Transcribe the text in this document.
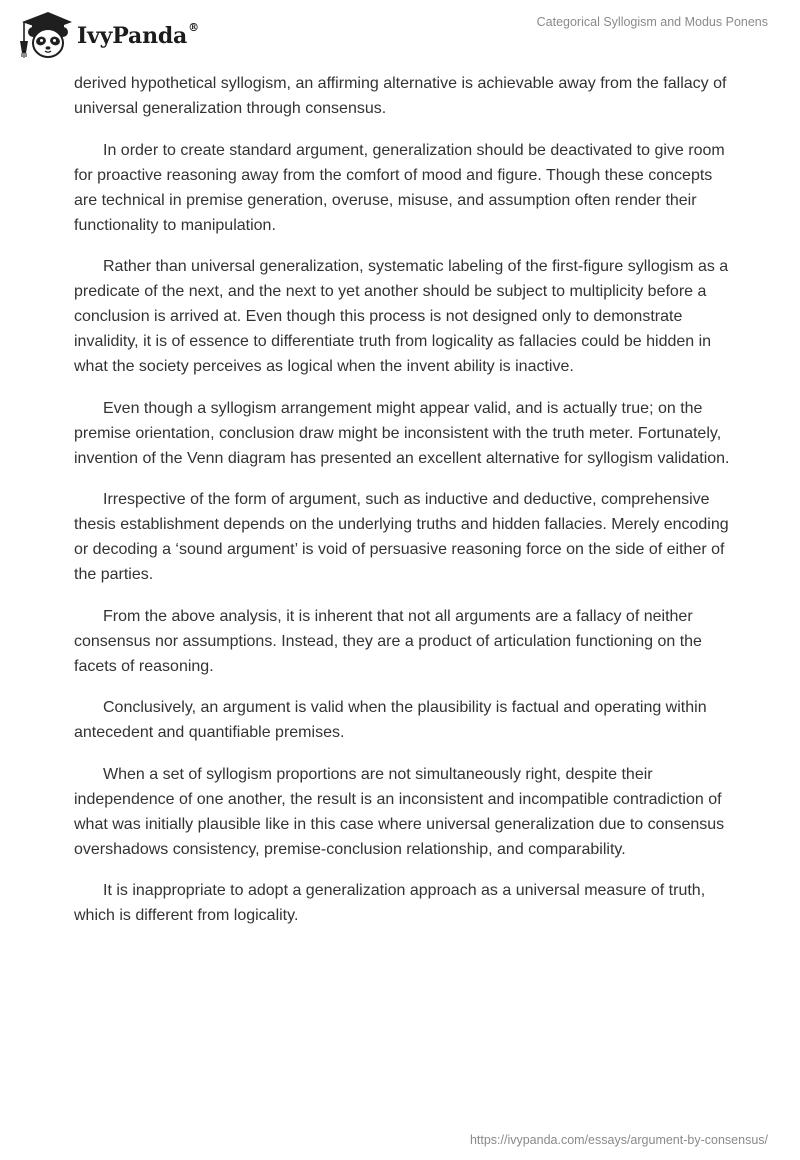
IvyPanda®	Categorical Syllogism and Modus Ponens

derived hypothetical syllogism, an affirming alternative is achievable away from the fallacy of universal generalization through consensus.

In order to create standard argument, generalization should be deactivated to give room for proactive reasoning away from the comfort of mood and figure. Though these concepts are technical in premise generation, overuse, misuse, and assumption often render their functionality to manipulation.

Rather than universal generalization, systematic labeling of the first-figure syllogism as a predicate of the next, and the next to yet another should be subject to multiplicity before a conclusion is arrived at. Even though this process is not designed only to demonstrate invalidity, it is of essence to differentiate truth from logicality as fallacies could be hidden in what the society perceives as logical when the invent ability is inactive.

Even though a syllogism arrangement might appear valid, and is actually true; on the premise orientation, conclusion draw might be inconsistent with the truth meter. Fortunately, invention of the Venn diagram has presented an excellent alternative for syllogism validation.

Irrespective of the form of argument, such as inductive and deductive, comprehensive thesis establishment depends on the underlying truths and hidden fallacies. Merely encoding or decoding a ‘sound argument’ is void of persuasive reasoning force on the side of either of the parties.

From the above analysis, it is inherent that not all arguments are a fallacy of neither consensus nor assumptions. Instead, they are a product of articulation functioning on the facets of reasoning.

Conclusively, an argument is valid when the plausibility is factual and operating within antecedent and quantifiable premises.

When a set of syllogism proportions are not simultaneously right, despite their independence of one another, the result is an inconsistent and incompatible contradiction of what was initially plausible like in this case where universal generalization due to consensus overshadows consistency, premise-conclusion relationship, and comparability.

It is inappropriate to adopt a generalization approach as a universal measure of truth, which is different from logicality.

https://ivypanda.com/essays/argument-by-consensus/
